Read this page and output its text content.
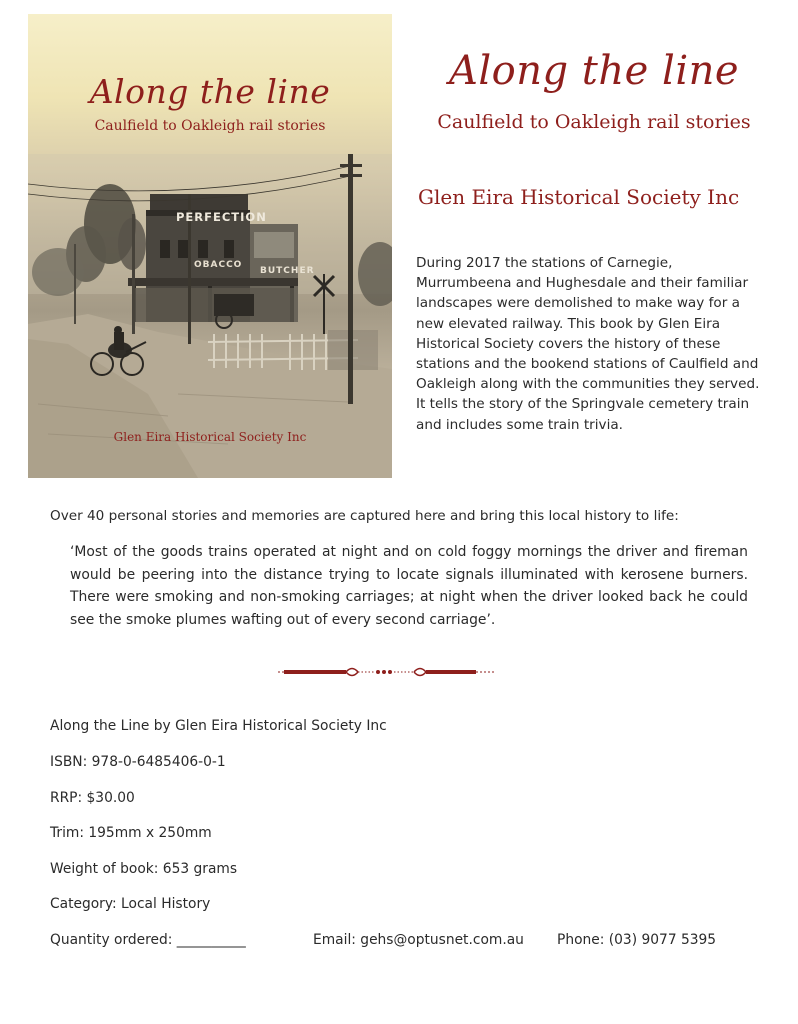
PERFECTION
OBACCO
BUTCHER
Along the line
Caulfield to Oakleigh rail stories
Glen Eira Historical Society Inc
Along the line
Caulfield to Oakleigh rail stories
Glen Eira Historical Society Inc

During 2017 the stations of Carnegie, Murrumbeena and Hughesdale and their familiar landscapes were demolished to make way for a new elevated railway. This book by Glen Eira Historical Society covers the history of these stations and the bookend stations of Caulfield and Oakleigh along with the communities they served. It tells the story of the Springvale cemetery train and includes some train trivia.

Over 40 personal stories and memories are captured here and bring this local history to life:

‘Most of the goods trains operated at night and on cold foggy mornings the driver and fireman would be peering into the distance trying to locate signals illuminated with kerosene burners. There were smoking and non-smoking carriages; at night when the driver looked back he could see the smoke plumes wafting out of every second carriage’.

Along the Line by Glen Eira Historical Society Inc
ISBN: 978-0-6485406-0-1
RRP: $30.00
Trim: 195mm x 250mm
Weight of book: 653 grams
Category: Local History
Quantity ordered: __________	Email: gehs@optusnet.com.au Phone: (03) 9077 5395
